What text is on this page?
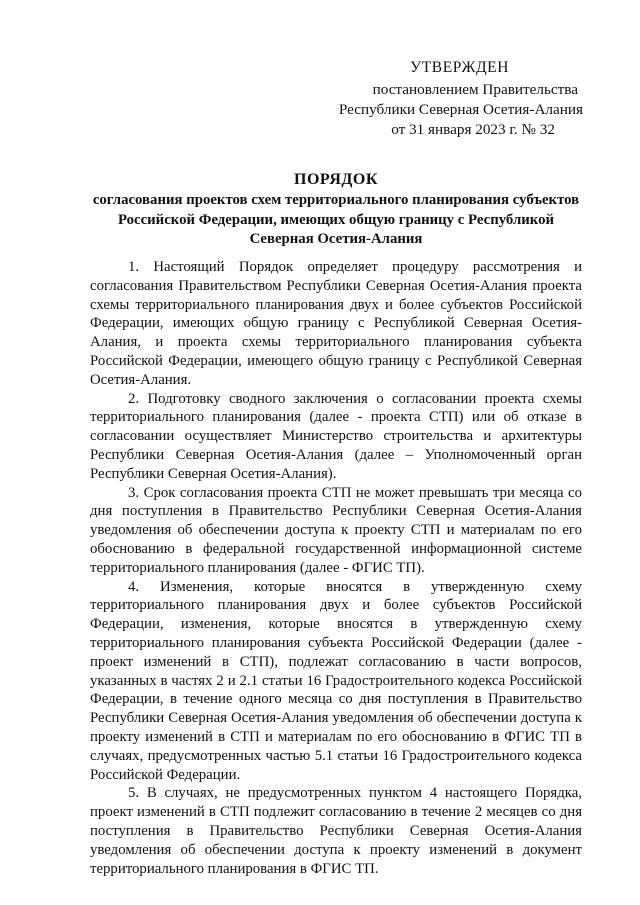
УТВЕРЖДЕН
постановлением Правительства
Республики Северная Осетия-Алания
от 31 января 2023 г. № 32
ПОРЯДОК
согласования проектов схем территориального планирования субъектов Российской Федерации, имеющих общую границу с Республикой Северная Осетия-Алания

1. Настоящий Порядок определяет процедуру рассмотрения и согласования Правительством Республики Северная Осетия-Алания проекта схемы территориального планирования двух и более субъектов Российской Федерации, имеющих общую границу с Республикой Северная Осетия-Алания, и проекта схемы территориального планирования субъекта Российской Федерации, имеющего общую границу с Республикой Северная Осетия-Алания.

2. Подготовку сводного заключения о согласовании проекта схемы территориального планирования (далее - проекта СТП) или об отказе в согласовании осуществляет Министерство строительства и архитектуры Республики Северная Осетия-Алания (далее – Уполномоченный орган Республики Северная Осетия-Алания).

3. Срок согласования проекта СТП не может превышать три месяца со дня поступления в Правительство Республики Северная Осетия-Алания уведомления об обеспечении доступа к проекту СТП и материалам по его обоснованию в федеральной государственной информационной системе территориального планирования (далее - ФГИС ТП).

4. Изменения, которые вносятся в утвержденную схему территориального планирования двух и более субъектов Российской Федерации, изменения, которые вносятся в утвержденную схему территориального планирования субъекта Российской Федерации (далее - проект изменений в СТП), подлежат согласованию в части вопросов, указанных в частях 2 и 2.1 статьи 16 Градостроительного кодекса Российской Федерации, в течение одного месяца со дня поступления в Правительство Республики Северная Осетия-Алания уведомления об обеспечении доступа к проекту изменений в СТП и материалам по его обоснованию в ФГИС ТП в случаях, предусмотренных частью 5.1 статьи 16 Градостроительного кодекса Российской Федерации.

5. В случаях, не предусмотренных пунктом 4 настоящего Порядка, проект изменений в СТП подлежит согласованию в течение 2 месяцев со дня поступления в Правительство Республики Северная Осетия-Алания уведомления об обеспечении доступа к проекту изменений в документ территориального планирования в ФГИС ТП.
